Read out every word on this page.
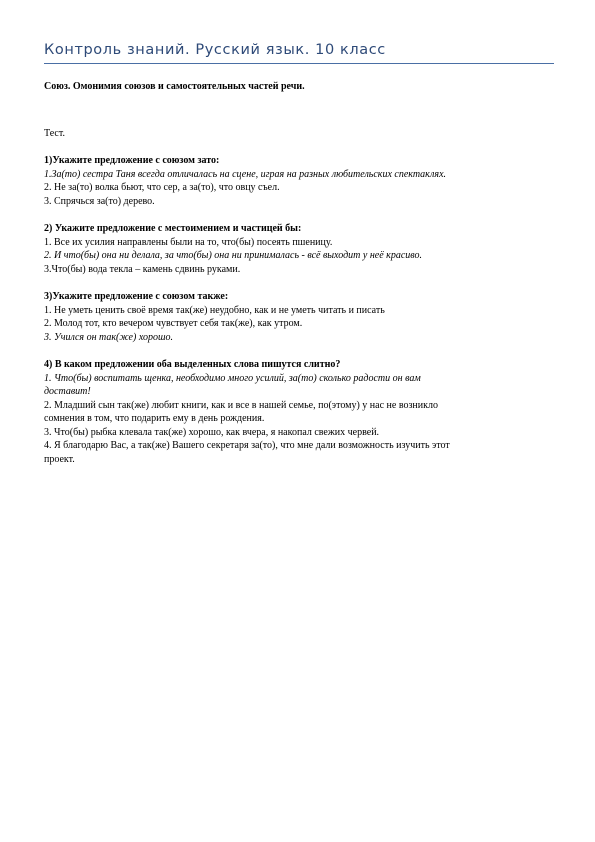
Контроль знаний. Русский язык. 10 класс

Союз. Омонимия союзов и самостоятельных частей речи.

Тест.

1)Укажите предложение с союзом зато:

1.За(то) сестра Таня всегда отличалась на сцене, играя на разных любительских спектаклях.

2. Не за(то) волка бьют, что сер, а за(то), что овцу съел.

3. Спрячься за(то) дерево.

2) Укажите предложение с местоимением и частицей бы:

1. Все их усилия направлены были на то, что(бы) посеять пшеницу.

2. И что(бы) она ни делала, за что(бы) она ни принималась - всё выходит у неё красиво.

3.Что(бы) вода текла – камень сдвинь руками.

3)Укажите предложение с союзом также:

1. Не уметь ценить своё время так(же) неудобно, как и не уметь читать и писать

2. Молод тот, кто вечером чувствует себя так(же), как утром.

3. Учился он так(же) хорошо.

4) В каком предложении оба выделенных слова пишутся слитно?

1. Что(бы) воспитать щенка, необходимо много усилий, за(то) сколько радости он вам
доставит!

2. Младший сын так(же) любит книги, как и все в нашей семье, по(этому) у нас не возникло
сомнения в том, что подарить ему в день рождения.

3. Что(бы) рыбка клевала так(же) хорошо, как вчера, я накопал свежих червей.

4. Я благодарю Вас, а так(же) Вашего секретаря за(то), что мне дали возможность изучить этот
проект.
